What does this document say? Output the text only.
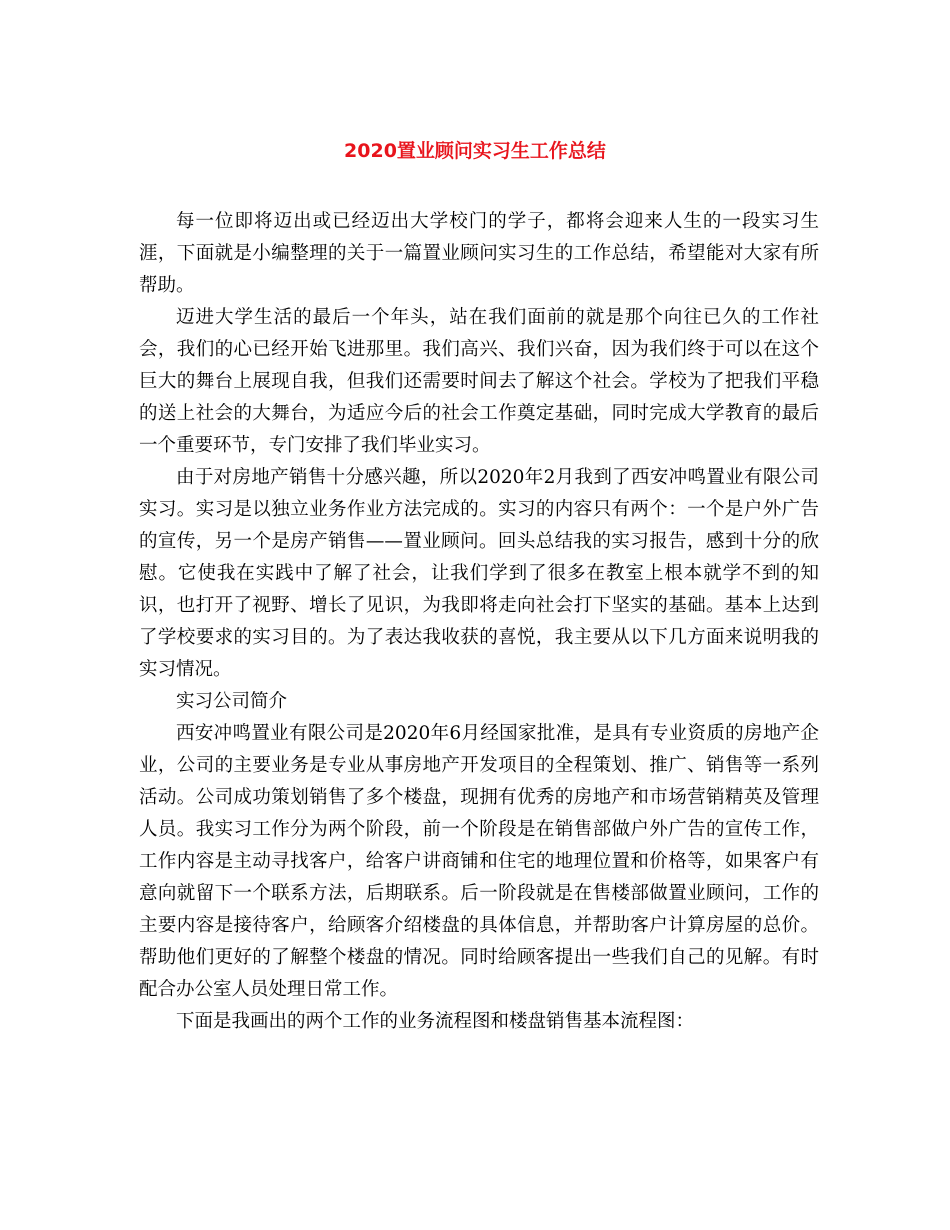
2020置业顾问实习生工作总结

每一位即将迈出或已经迈出大学校门的学子，都将会迎来人生的一段实习生涯，下面就是小编整理的关于一篇置业顾问实习生的工作总结，希望能对大家有所帮助。

迈进大学生活的最后一个年头，站在我们面前的就是那个向往已久的工作社会，我们的心已经开始飞进那里。我们高兴、我们兴奋，因为我们终于可以在这个巨大的舞台上展现自我，但我们还需要时间去了解这个社会。学校为了把我们平稳的送上社会的大舞台，为适应今后的社会工作奠定基础，同时完成大学教育的最后一个重要环节，专门安排了我们毕业实习。

由于对房地产销售十分感兴趣，所以2020年2月我到了西安冲鸣置业有限公司实习。实习是以独立业务作业方法完成的。实习的内容只有两个：一个是户外广告的宣传，另一个是房产销售——置业顾问。回头总结我的实习报告，感到十分的欣慰。它使我在实践中了解了社会，让我们学到了很多在教室上根本就学不到的知识，也打开了视野、增长了见识，为我即将走向社会打下坚实的基础。基本上达到了学校要求的实习目的。为了表达我收获的喜悦，我主要从以下几方面来说明我的实习情况。

实习公司简介

西安冲鸣置业有限公司是2020年6月经国家批准，是具有专业资质的房地产企业，公司的主要业务是专业从事房地产开发项目的全程策划、推广、销售等一系列活动。公司成功策划销售了多个楼盘，现拥有优秀的房地产和市场营销精英及管理人员。我实习工作分为两个阶段，前一个阶段是在销售部做户外广告的宣传工作，工作内容是主动寻找客户，给客户讲商铺和住宅的地理位置和价格等，如果客户有意向就留下一个联系方法，后期联系。后一阶段就是在售楼部做置业顾问，工作的主要内容是接待客户，给顾客介绍楼盘的具体信息，并帮助客户计算房屋的总价。帮助他们更好的了解整个楼盘的情况。同时给顾客提出一些我们自己的见解。有时配合办公室人员处理日常工作。

下面是我画出的两个工作的业务流程图和楼盘销售基本流程图：
